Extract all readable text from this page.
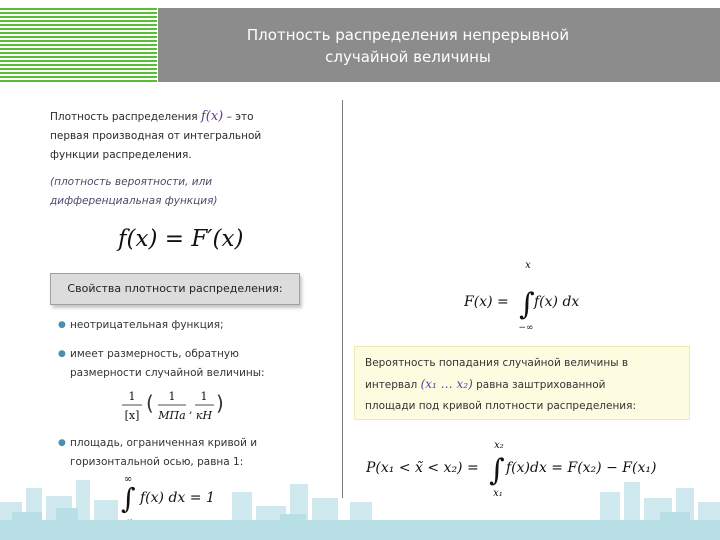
Плотность распределения непрерывной
случайной величины
Плотность распределения f(x) – это
первая производная от интегральной
функции распределения.
(плотность вероятности, или
дифференциальная функция)
f(x) = F′(x)
Свойства плотности распределения:
● неотрицательная функция;
● имеет размерность, обратную
размерности случайной величины:
1
[x]
( 1
МПа ,
1
кН
)
● площадь, ограниченная кривой и
горизонтальной осью, равна 1:
∞
∫ f(x) dx = 1
F(x) =
x
∫
−∞
f(x) dx
Вероятность попадания случайной величины в
интервал (x₁ … x₂) равна заштрихованной
площади под кривой плотности распределения:
P(x₁ < x̃ < x₂) =
x₂
∫
x₁
f(x)dx = F(x₂) − F(x₁)
